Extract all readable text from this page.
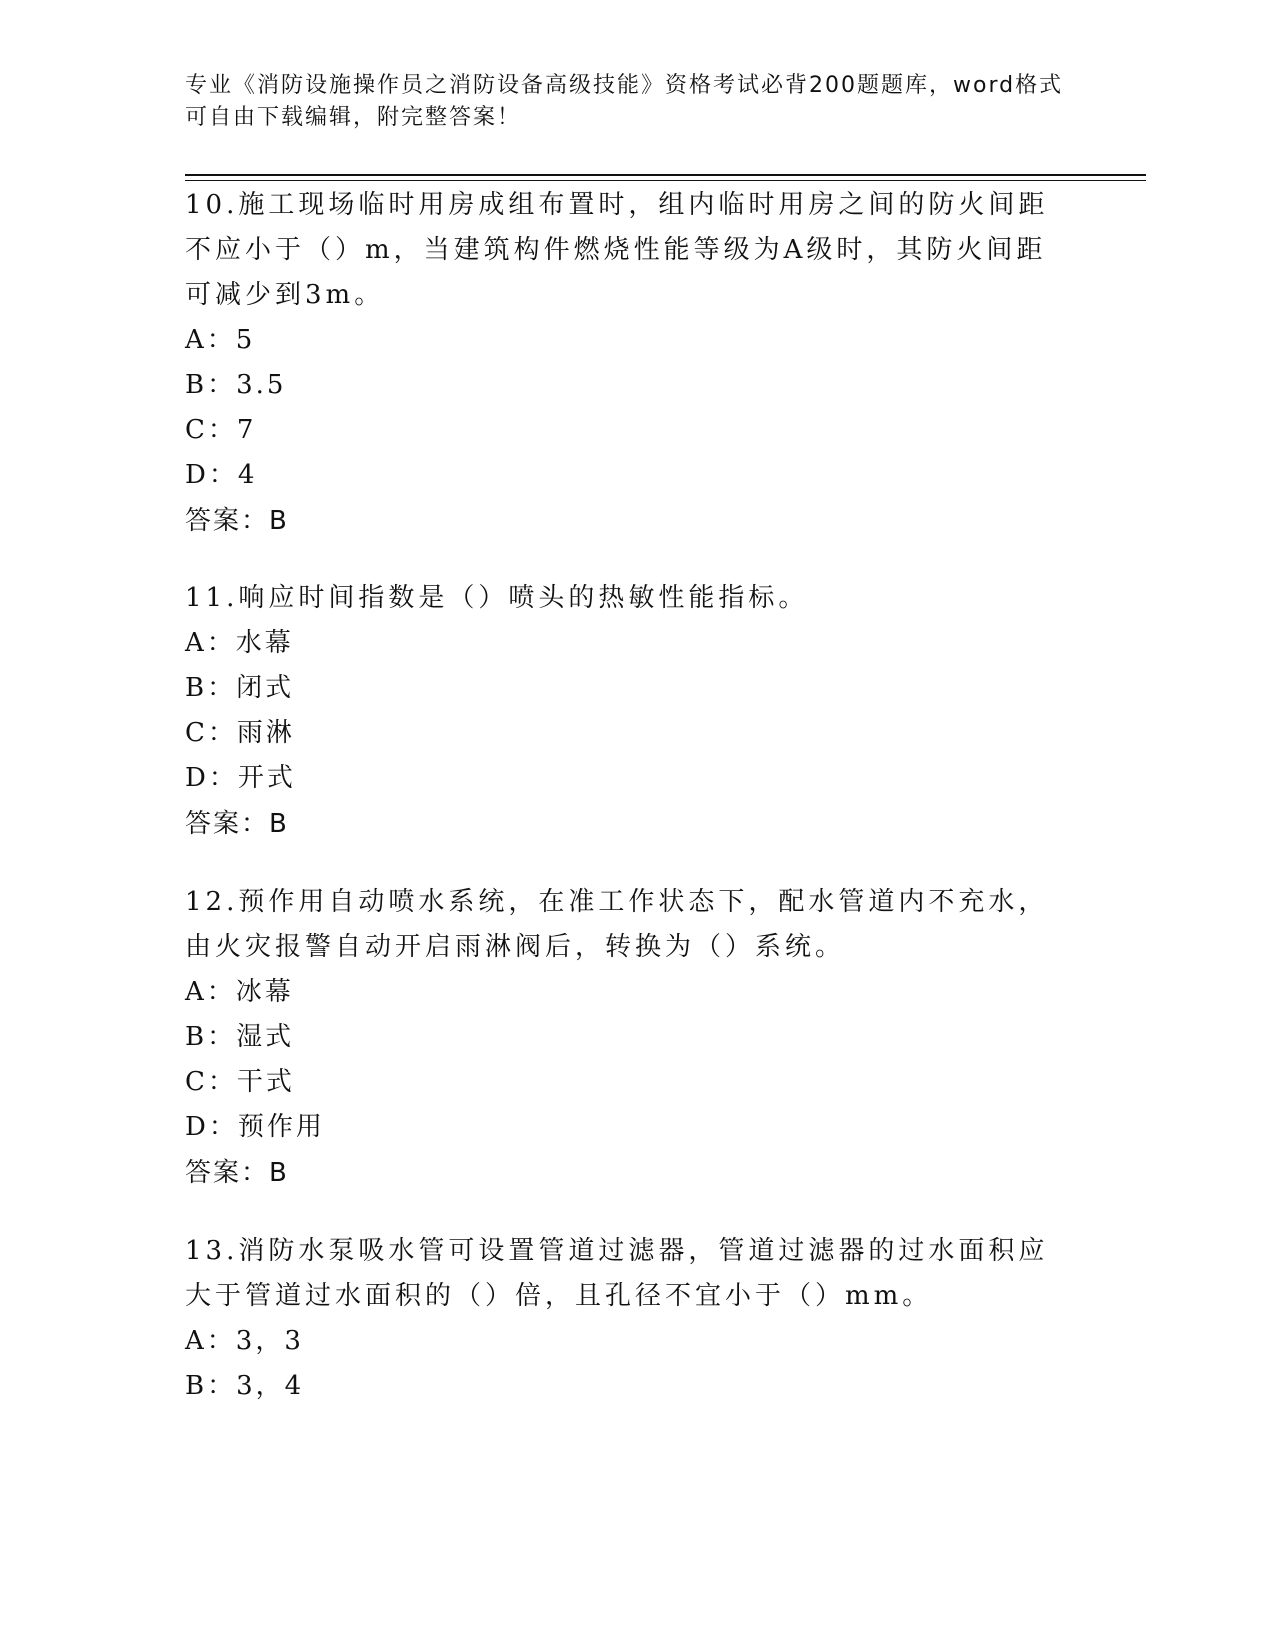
专业《消防设施操作员之消防设备高级技能》资格考试必背200题题库，word格式可自由下载编辑，附完整答案！

10.施工现场临时用房成组布置时，组内临时用房之间的防火间距不应小于（）m，当建筑构件燃烧性能等级为A级时，其防火间距可减少到3m。

A：5

B：3.5

C：7

D：4

答案：B

11.响应时间指数是（）喷头的热敏性能指标。

A：水幕

B：闭式

C：雨淋

D：开式

答案：B

12.预作用自动喷水系统，在准工作状态下，配水管道内不充水，由火灾报警自动开启雨淋阀后，转换为（）系统。

A：冰幕

B：湿式

C：干式

D：预作用

答案：B

13.消防水泵吸水管可设置管道过滤器，管道过滤器的过水面积应大于管道过水面积的（）倍，且孔径不宜小于（）mm。

A：3，3

B：3，4
